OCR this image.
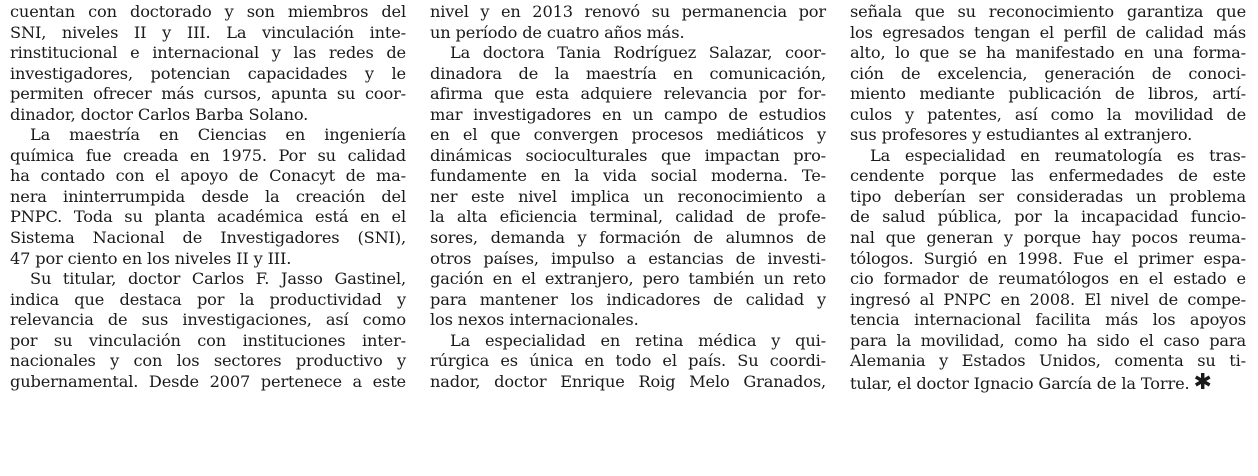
cuentan con doctorado y son miembros del
SNI, niveles II y III. La vinculación inte-
rinstitucional e internacional y las redes de
investigadores, potencian capacidades y le
permiten ofrecer más cursos, apunta su coor-
dinador, doctor Carlos Barba Solano.
La maestría en Ciencias en ingeniería
química fue creada en 1975. Por su calidad
ha contado con el apoyo de Conacyt de ma-
nera ininterrumpida desde la creación del
PNPC. Toda su planta académica está en el
Sistema Nacional de Investigadores (SNI),
47 por ciento en los niveles II y III.
Su titular, doctor Carlos F. Jasso Gastinel,
indica que destaca por la productividad y
relevancia de sus investigaciones, así como
por su vinculación con instituciones inter-
nacionales y con los sectores productivo y
gubernamental. Desde 2007 pertenece a este
nivel y en 2013 renovó su permanencia por
un período de cuatro años más.
La doctora Tania Rodríguez Salazar, coor-
dinadora de la maestría en comunicación,
afirma que esta adquiere relevancia por for-
mar investigadores en un campo de estudios
en el que convergen procesos mediáticos y
dinámicas socioculturales que impactan pro-
fundamente en la vida social moderna. Te-
ner este nivel implica un reconocimiento a
la alta eficiencia terminal, calidad de profe-
sores, demanda y formación de alumnos de
otros países, impulso a estancias de investi-
gación en el extranjero, pero también un reto
para mantener los indicadores de calidad y
los nexos internacionales.
La especialidad en retina médica y qui-
rúrgica es única en todo el país. Su coordi-
nador, doctor Enrique Roig Melo Granados,
señala que su reconocimiento garantiza que
los egresados tengan el perfil de calidad más
alto, lo que se ha manifestado en una forma-
ción de excelencia, generación de conoci-
miento mediante publicación de libros, artí-
culos y patentes, así como la movilidad de
sus profesores y estudiantes al extranjero.
La especialidad en reumatología es tras-
cendente porque las enfermedades de este
tipo deberían ser consideradas un problema
de salud pública, por la incapacidad funcio-
nal que generan y porque hay pocos reuma-
tólogos. Surgió en 1998. Fue el primer espa-
cio formador de reumatólogos en el estado e
ingresó al PNPC en 2008. El nivel de compe-
tencia internacional facilita más los apoyos
para la movilidad, como ha sido el caso para
Alemania y Estados Unidos, comenta su ti-
tular, el doctor Ignacio García de la Torre. ✱
